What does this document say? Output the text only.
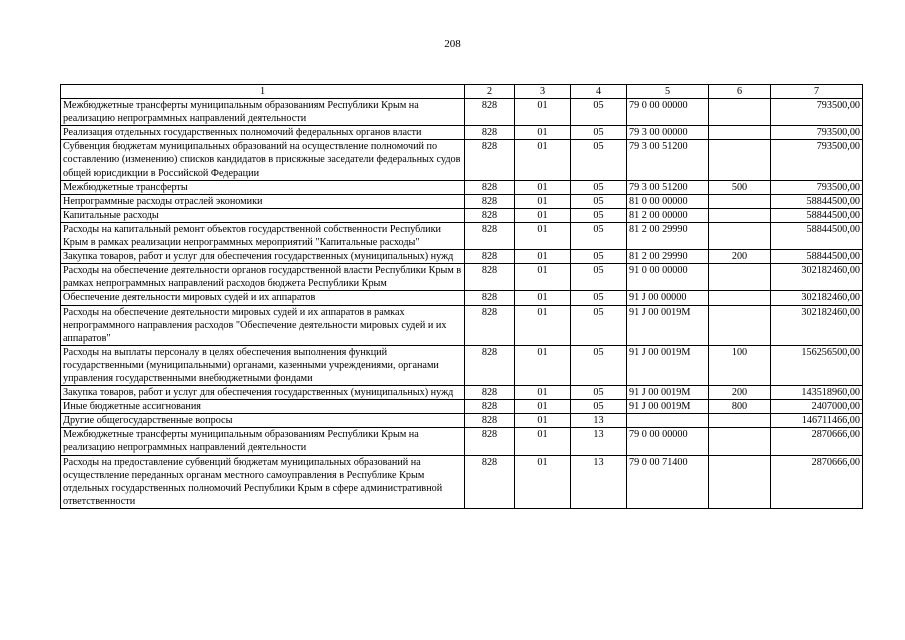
208
1	2	3	4	5	6	7
Межбюджетные трансферты муниципальным образованиям Республики Крым на реализацию непрограммных направлений деятельности	828	01	05	79 0 00 00000		793500,00
Реализация отдельных государственных полномочий федеральных органов власти	828	01	05	79 3 00 00000		793500,00
Субвенция бюджетам муниципальных образований на осуществление полномочий по составлению (изменению) списков кандидатов в присяжные заседатели федеральных судов общей юрисдикции в Российской Федерации	828	01	05	79 3 00 51200		793500,00
Межбюджетные трансферты	828	01	05	79 3 00 51200	500	793500,00
Непрограммные расходы отраслей экономики	828	01	05	81 0 00 00000		58844500,00
Капитальные расходы	828	01	05	81 2 00 00000		58844500,00
Расходы на капитальный ремонт объектов государственной собственности Республики Крым в рамках реализации непрограммных мероприятий "Капитальные расходы"	828	01	05	81 2 00 29990		58844500,00
Закупка товаров, работ и услуг для обеспечения государственных (муниципальных) нужд	828	01	05	81 2 00 29990	200	58844500,00
Расходы на обеспечение деятельности органов государственной власти Республики Крым в рамках непрограммных направлений расходов бюджета Республики Крым	828	01	05	91 0 00 00000		302182460,00
Обеспечение деятельности мировых судей и их аппаратов	828	01	05	91 J 00 00000		302182460,00
Расходы на обеспечение деятельности мировых судей и их аппаратов в рамках непрограммного направления расходов "Обеспечение деятельности мировых судей и их аппаратов"	828	01	05	91 J 00 0019M		302182460,00
Расходы на выплаты персоналу в целях обеспечения выполнения функций государственными (муниципальными) органами, казенными учреждениями, органами управления государственными внебюджетными фондами	828	01	05	91 J 00 0019M	100	156256500,00
Закупка товаров, работ и услуг для обеспечения государственных (муниципальных) нужд	828	01	05	91 J 00 0019M	200	143518960,00
Иные бюджетные ассигнования	828	01	05	91 J 00 0019M	800	2407000,00
Другие общегосударственные вопросы	828	01	13			146711466,00
Межбюджетные трансферты муниципальным образованиям Республики Крым на реализацию непрограммных направлений деятельности	828	01	13	79 0 00 00000		2870666,00
Расходы на предоставление субвенций бюджетам муниципальных образований на осуществление переданных органам местного самоуправления в Республике Крым отдельных государственных полномочий Республики Крым в сфере административной ответственности	828	01	13	79 0 00 71400		2870666,00
